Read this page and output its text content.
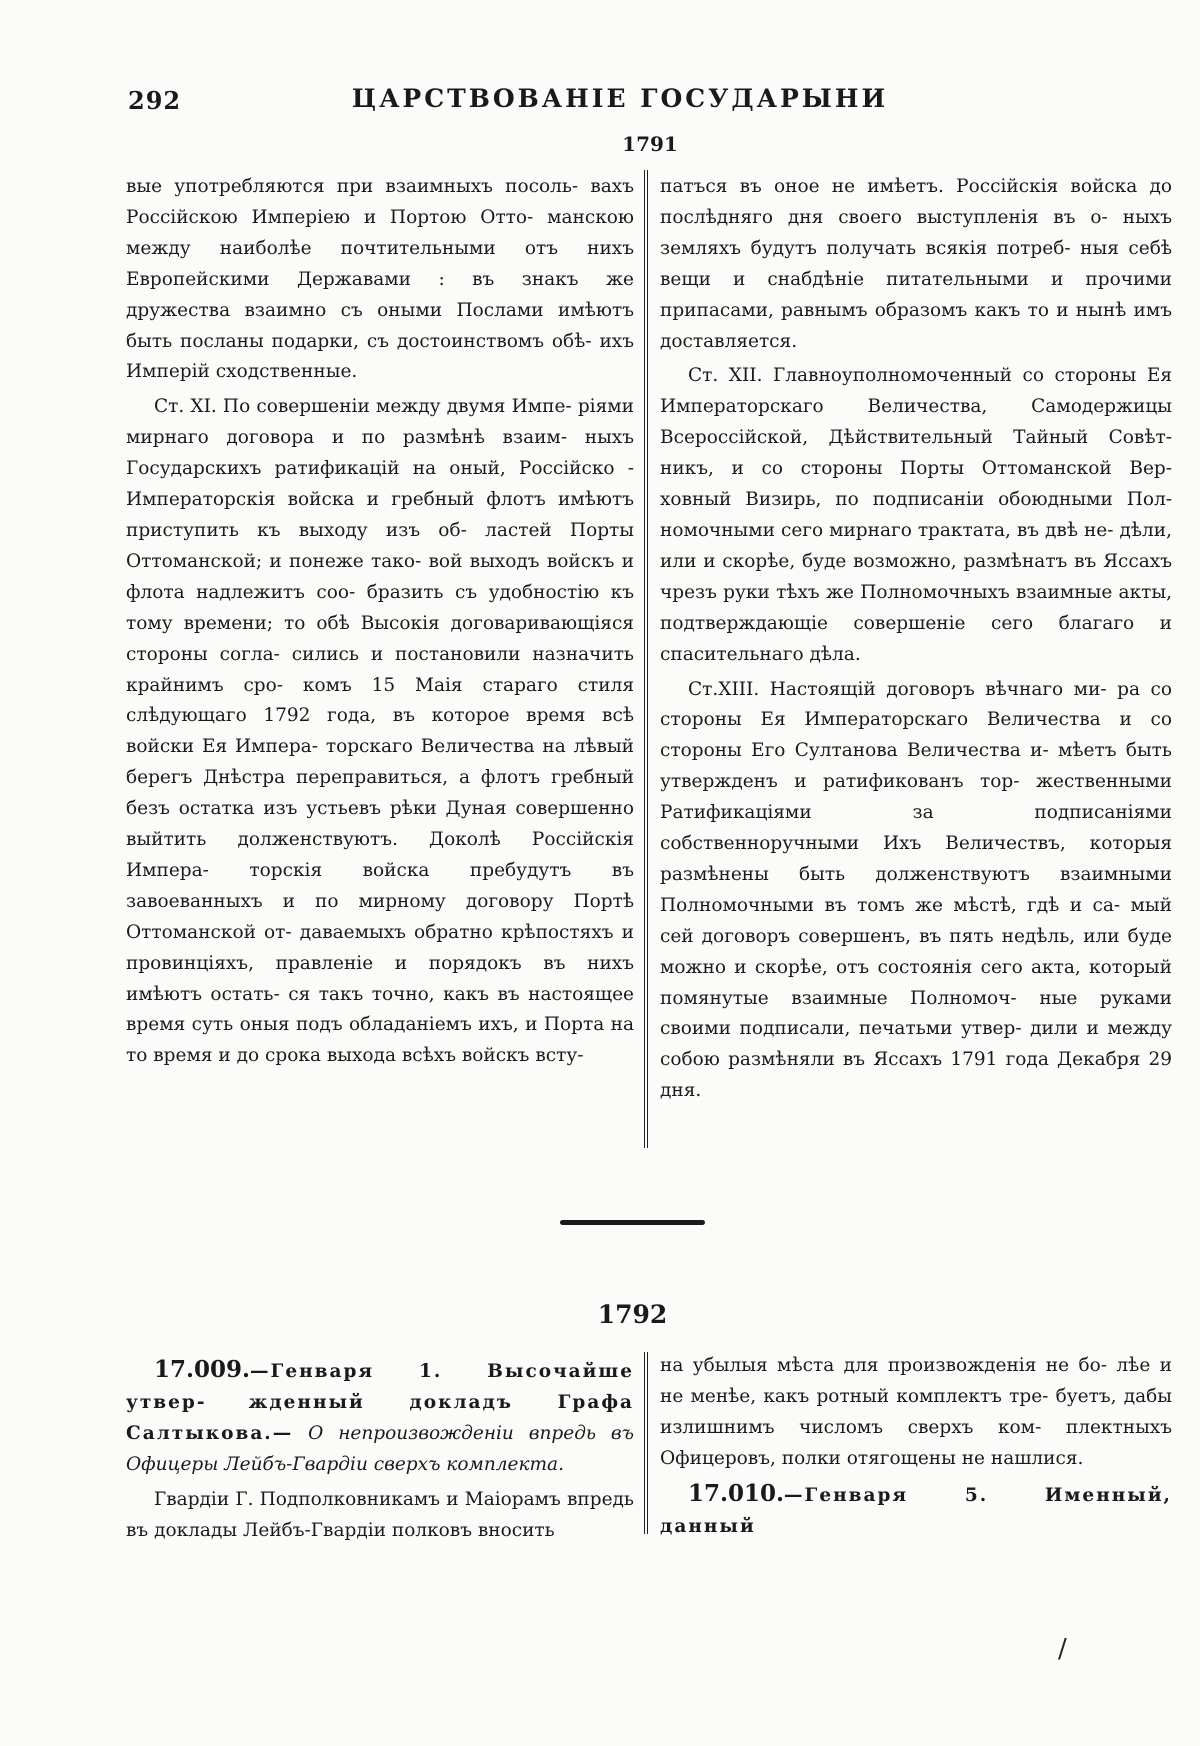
292	ЦАРСТВОВАНІЕ ГОСУДАРЫНИ
1791

вые употребляются при взаимныхъ посоль- вахъ Россійскою Имперіею и Портою Отто- манскою между наиболѣе почтительными отъ нихъ Европейскими Державами : въ знакъ же дружества взаимно съ оными Послами имѣютъ быть посланы подарки, съ достоинствомъ обѣ- ихъ Имперій сходственные.

Ст. XI. По совершеніи между двумя Импе- ріями мирнаго договора и по размѣнѣ взаим- ныхъ Государскихъ ратификацій на оный, Россійско - Императорскія войска и гребный флотъ имѣютъ приступить къ выходу изъ об- ластей Порты Оттоманской; и понеже тако- вой выходъ войскъ и флота надлежитъ сoo- бразить съ удобностію къ тому времени; то обѣ Высокія договаривающіяся стороны согла- сились и постановили назначить крайнимъ сро- комъ 15 Маія стараго стиля слѣдующаго 1792 года, въ которое время всѣ войски Ея Импера- торскаго Величества на лѣвый берегъ Днѣстра переправиться, а флотъ гребный безъ остатка изъ устьевъ рѣки Дуная совершенно выйтить долженствуютъ. Доколѣ Россійскія Импера- торскія войска пребудутъ въ завоеванныхъ и по мирному договору Портѣ Оттоманской от- даваемыхъ обратно крѣпостяхъ и провинціяхъ, правленіе и порядокъ въ нихъ имѣютъ остать- ся такъ точно, какъ въ настоящее время суть оныя подъ обладаніемъ ихъ, и Порта на то время и до срока выхода всѣхъ войскъ всту-

патъся въ оное не имѣетъ. Россійскія войска до послѣдняго дня своего выступленія въ о- ныхъ земляхъ будутъ получать всякія потреб- ныя себѣ вещи и снабдѣніе питательными и прочими припасами, равнымъ образомъ какъ то и нынѣ имъ доставляется.

Ст. XII. Главноуполномоченный со стороны Ея Императорскаго Величества, Самодержицы Всероссійской, Дѣйствительный Тайный Совѣт- никъ, и со стороны Порты Оттоманской Вер- ховный Визирь, по подписаніи обоюдными Пол- номочными сего мирнаго трактата, въ двѣ не- дѣли, или и скорѣе, буде возможно, размѣнатъ въ Яссахъ чрезъ руки тѣхъ же Полномочныхъ взаимные акты, подтверждающіе совершеніе сего благаго и спасительнаго дѣла.

Ст.XIII. Настоящій договоръ вѣчнаго ми- ра со стороны Ея Императорскаго Величества и со стороны Его Султанова Величества и- мѣетъ быть утвержденъ и ратификованъ тор- жественными Ратификаціями за подписаніями собственноручными Ихъ Величествъ, которыя размѣнены быть долженствуютъ взаимными Полномочными въ томъ же мѣстѣ, гдѣ и са- мый сей договоръ совершенъ, въ пять недѣль, или буде можно и скорѣе, отъ состоянія сего акта, который помянутые взаимные Полномоч- ные руками своими подписали, печатьми утвер- дили и между собою размѣняли въ Яссахъ 1791 года Декабря 29 дня.

1792

17.009.—Генваря 1. Высочайше утвер- жденный докладъ Графа Салтыкова.— О непроизвожденіи впредь въ Офицеры Лейбъ-Гвардіи сверхъ комплекта.

Гвардіи Г. Подполковникамъ и Маіорамъ впредь въ доклады Лейбъ-Гвардіи полковъ вносить

на убылыя мѣста для произвожденія не бо- лѣе и не менѣе, какъ ротный комплектъ тре- буетъ, дабы излишнимъ числомъ сверхъ ком- плектныхъ Офицеровъ, полки отягощены не нашлися.

17.010.—Генваря 5. Именный, данный

/
